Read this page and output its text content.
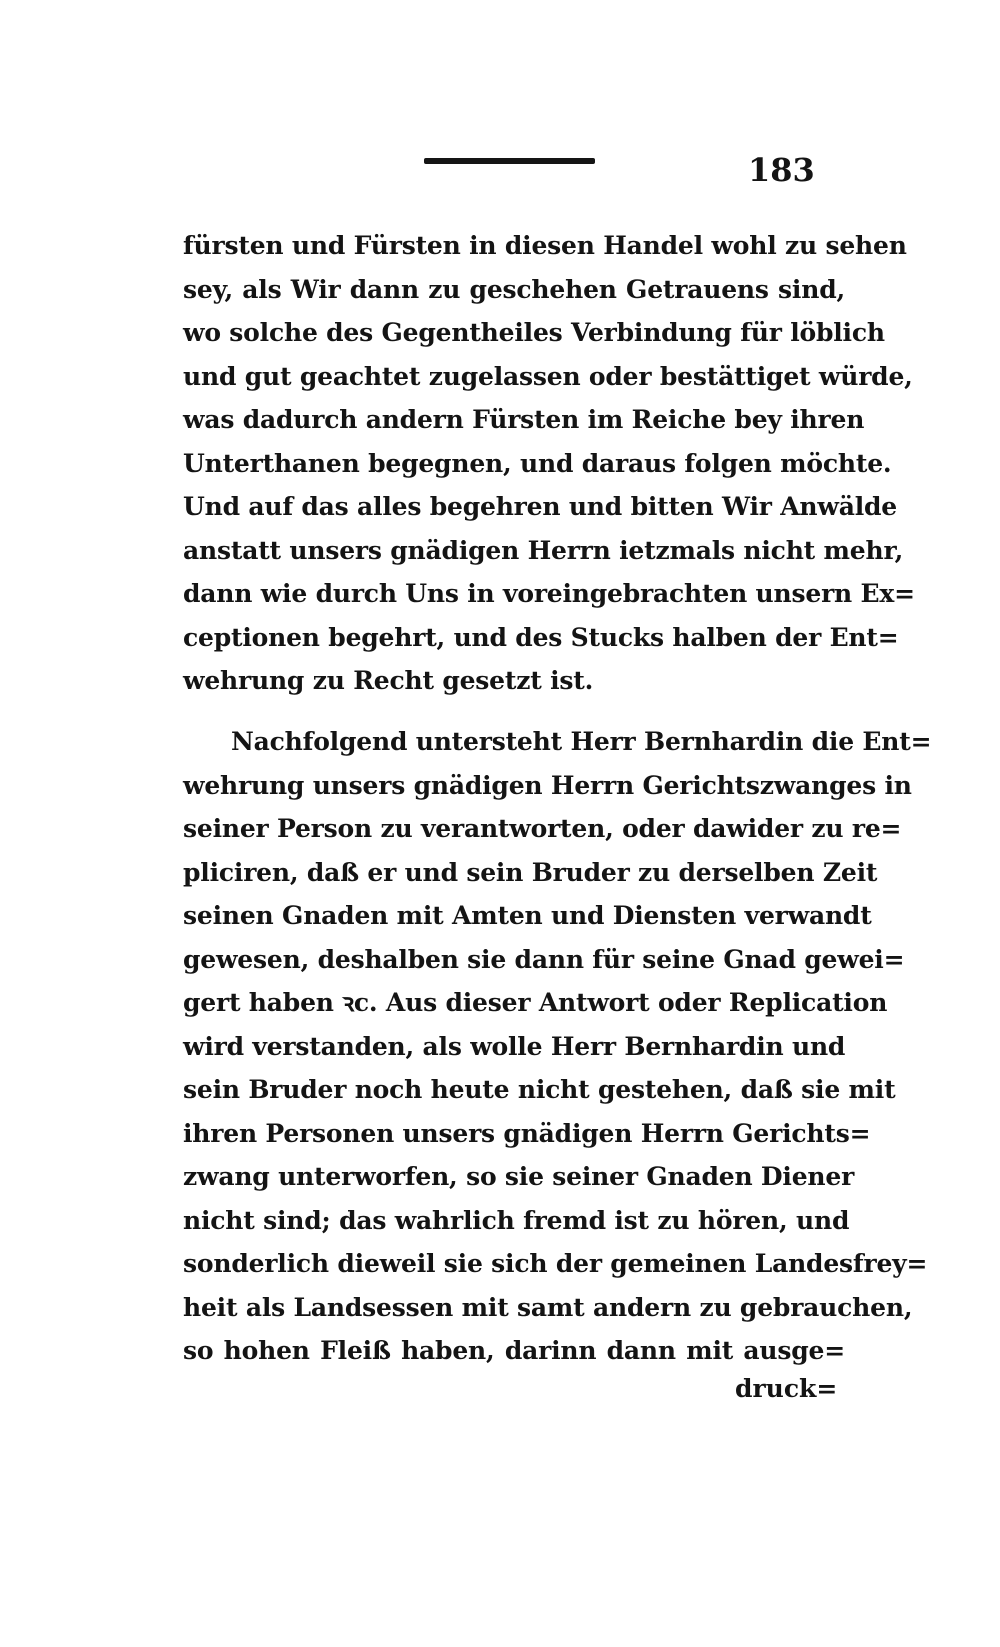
183
fürsten und Fürsten in diesen Handel wohl zu sehen
sey, als Wir dann zu geschehen Getrauens sind,
wo solche des Gegentheiles Verbindung für löblich
und gut geachtet zugelassen oder bestättiget würde,
was dadurch andern Fürsten im Reiche bey ihren
Unterthanen begegnen, und daraus folgen möchte.
Und auf das alles begehren und bitten Wir Anwälde
anstatt unsers gnädigen Herrn ietzmals nicht mehr,
dann wie durch Uns in voreingebrachten unsern Ex=
ceptionen begehrt, und des Stucks halben der Ent=
wehrung zu Recht gesetzt ist.
Nachfolgend untersteht Herr Bernhardin die Ent=
wehrung unsers gnädigen Herrn Gerichtszwanges in
seiner Person zu verantworten, oder dawider zu re=
pliciren, daß er und sein Bruder zu derselben Zeit
seinen Gnaden mit Amten und Diensten verwandt
gewesen, deshalben sie dann für seine Gnad gewei=
gert haben ꝛc. Aus dieser Antwort oder Replication
wird verstanden, als wolle Herr Bernhardin und
sein Bruder noch heute nicht gestehen, daß sie mit
ihren Personen unsers gnädigen Herrn Gerichts=
zwang unterworfen, so sie seiner Gnaden Diener
nicht sind; das wahrlich fremd ist zu hören, und
sonderlich dieweil sie sich der gemeinen Landesfrey=
heit als Landsessen mit samt andern zu gebrauchen,
so hohen Fleiß haben, darinn dann mit ausge=
druck=
